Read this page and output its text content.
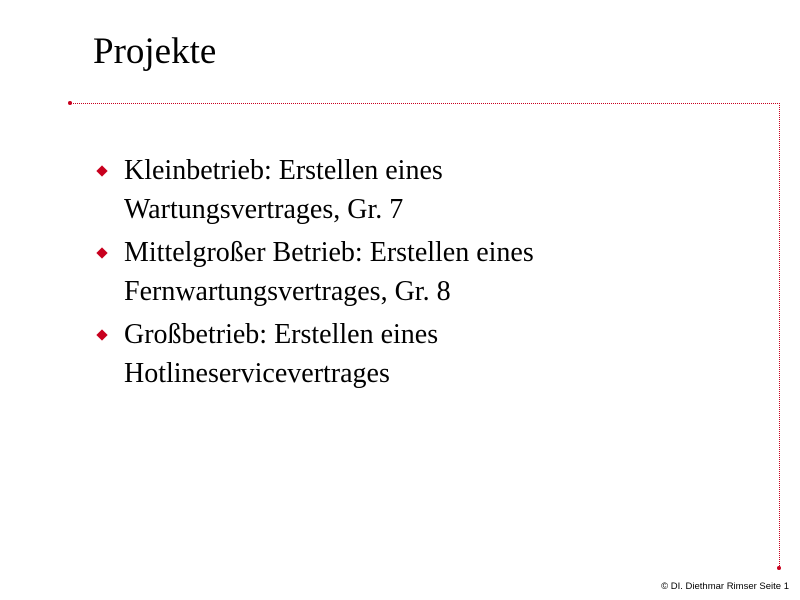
Projekte
Kleinbetrieb: Erstellen eines
Wartungsvertrages, Gr. 7
Mittelgroßer Betrieb: Erstellen eines
Fernwartungsvertrages, Gr. 8
Großbetrieb: Erstellen eines
Hotlineservicevertrages
© DI. Diethmar Rimser Seite 1
